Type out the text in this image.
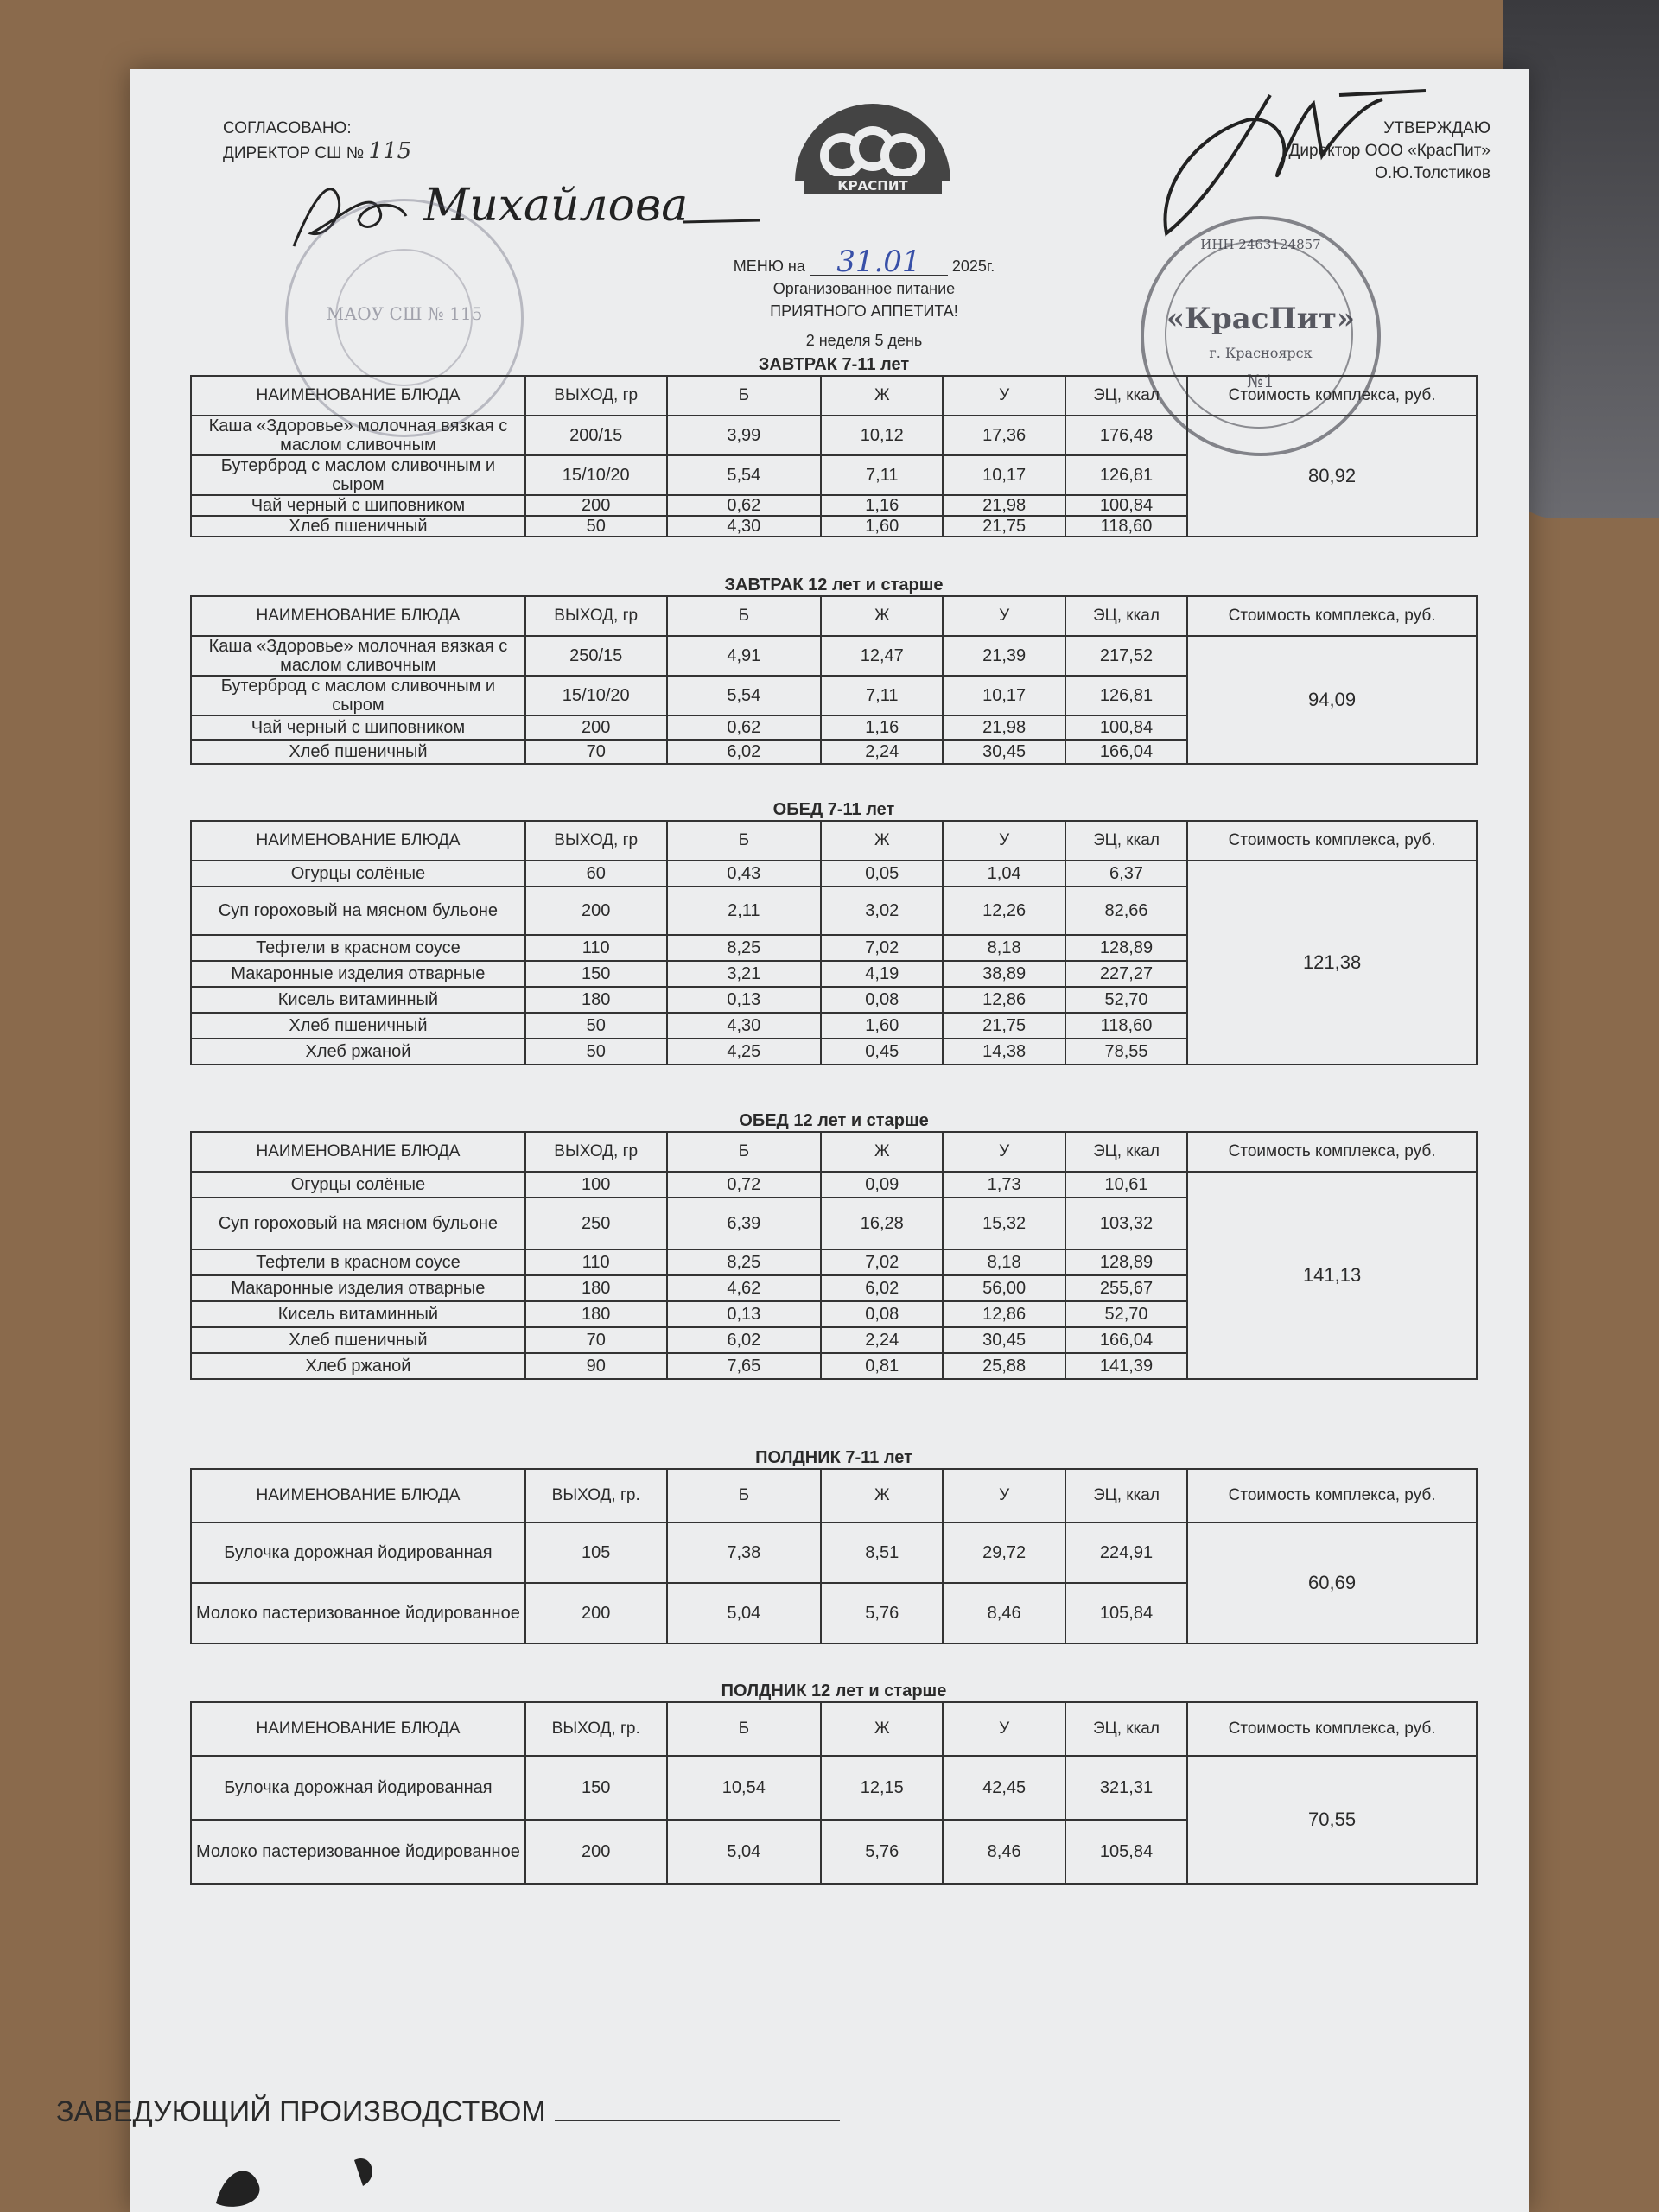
СОГЛАСОВАНО:
ДИРЕКТОР СШ № 115
Михайлова
МАОУ СШ № 115
КРАСПИТ
УТВЕРЖДАЮ
Директор ООО «КрасПит»
О.Ю.Толстиков
ИНН 2463124857
«КрасПит»
г. Красноярск
№1
МЕНЮ на 31.01 2025г.
Организованное питание
ПРИЯТНОГО АППЕТИТА!
2 неделя 5 день
ЗАВТРАК 7-11 лет
НАИМЕНОВАНИЕ БЛЮДА	ВЫХОД, гр	Б	Ж	У	ЭЦ, ккал	Стоимость комплекса, руб.
Каша «Здоровье» молочная вязкая с маслом сливочным	200/15	3,99	10,12	17,36	176,48	80,92
Бутерброд с маслом сливочным и сыром	15/10/20	5,54	7,11	10,17	126,81	
Чай черный с шиповником	200	0,62	1,16	21,98	100,84	
Хлеб пшеничный	50	4,30	1,60	21,75	118,60	
ЗАВТРАК 12 лет и старше
НАИМЕНОВАНИЕ БЛЮДА	ВЫХОД, гр	Б	Ж	У	ЭЦ, ккал	Стоимость комплекса, руб.
Каша «Здоровье» молочная вязкая с маслом сливочным	250/15	4,91	12,47	21,39	217,52	94,09
Бутерброд с маслом сливочным и сыром	15/10/20	5,54	7,11	10,17	126,81	
Чай черный с шиповником	200	0,62	1,16	21,98	100,84	
Хлеб пшеничный	70	6,02	2,24	30,45	166,04	
ОБЕД 7-11 лет
НАИМЕНОВАНИЕ БЛЮДА	ВЫХОД, гр	Б	Ж	У	ЭЦ, ккал	Стоимость комплекса, руб.
Огурцы солёные	60	0,43	0,05	1,04	6,37	121,38
Суп гороховый на мясном бульоне	200	2,11	3,02	12,26	82,66	
Тефтели в красном соусе	110	8,25	7,02	8,18	128,89	
Макаронные изделия отварные	150	3,21	4,19	38,89	227,27	
Кисель витаминный	180	0,13	0,08	12,86	52,70	
Хлеб пшеничный	50	4,30	1,60	21,75	118,60	
Хлеб ржаной	50	4,25	0,45	14,38	78,55	
ОБЕД 12 лет и старше
НАИМЕНОВАНИЕ БЛЮДА	ВЫХОД, гр	Б	Ж	У	ЭЦ, ккал	Стоимость комплекса, руб.
Огурцы солёные	100	0,72	0,09	1,73	10,61	141,13
Суп гороховый на мясном бульоне	250	6,39	16,28	15,32	103,32	
Тефтели в красном соусе	110	8,25	7,02	8,18	128,89	
Макаронные изделия отварные	180	4,62	6,02	56,00	255,67	
Кисель витаминный	180	0,13	0,08	12,86	52,70	
Хлеб пшеничный	70	6,02	2,24	30,45	166,04	
Хлеб ржаной	90	7,65	0,81	25,88	141,39	
ПОЛДНИК 7-11 лет
НАИМЕНОВАНИЕ БЛЮДА	ВЫХОД, гр.	Б	Ж	У	ЭЦ, ккал	Стоимость комплекса, руб.
Булочка дорожная йодированная	105	7,38	8,51	29,72	224,91	60,69
Молоко пастеризованное йодированное	200	5,04	5,76	8,46	105,84	
ПОЛДНИК 12 лет и старше
НАИМЕНОВАНИЕ БЛЮДА	ВЫХОД, гр.	Б	Ж	У	ЭЦ, ккал	Стоимость комплекса, руб.
Булочка дорожная йодированная	150	10,54	12,15	42,45	321,31	70,55
Молоко пастеризованное йодированное	200	5,04	5,76	8,46	105,84	
ЗАВЕДУЮЩИЙ ПРОИЗВОДСТВОМ
